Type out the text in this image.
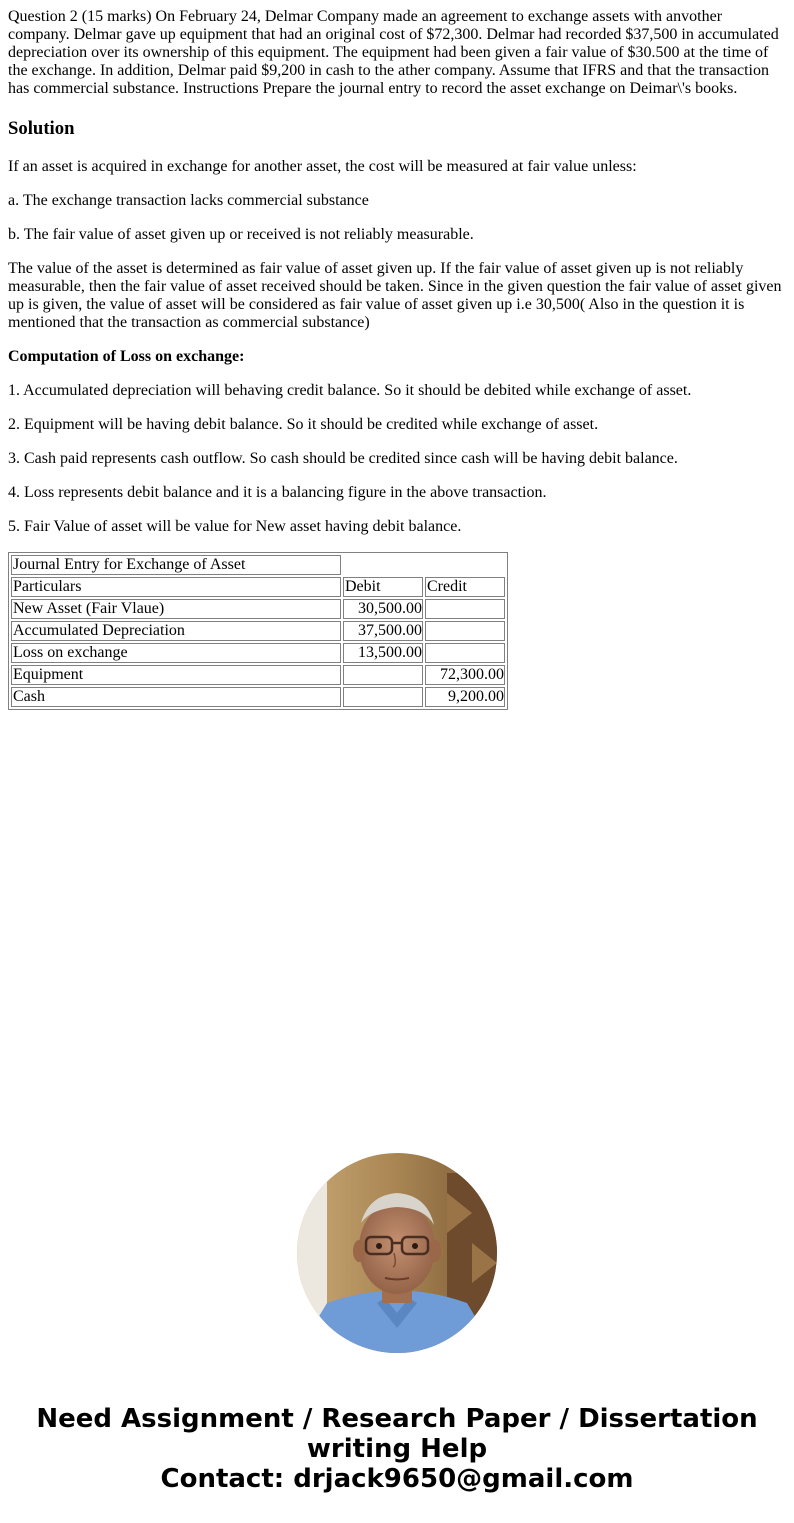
Question 2 (15 marks) On February 24, Delmar Company made an agreement to exchange assets with anvother company. Delmar gave up equipment that had an original cost of $72,300. Delmar had recorded $37,500 in accumulated depreciation over its ownership of this equipment. The equipment had been given a fair value of $30.500 at the time of the exchange. In addition, Delmar paid $9,200 in cash to the ather company. Assume that IFRS and that the transaction has commercial substance. Instructions Prepare the journal entry to record the asset exchange on Deimar\'s books.

Solution

If an asset is acquired in exchange for another asset, the cost will be measured at fair value unless:

a. The exchange transaction lacks commercial substance

b. The fair value of asset given up or received is not reliably measurable.

The value of the asset is determined as fair value of asset given up. If the fair value of asset given up is not reliably measurable, then the fair value of asset received should be taken. Since in the given question the fair value of asset given up is given, the value of asset will be considered as fair value of asset given up i.e 30,500( Also in the question it is mentioned that the transaction as commercial substance)

Computation of Loss on exchange:

1. Accumulated depreciation will behaving credit balance. So it should be debited while exchange of asset.

2. Equipment will be having debit balance. So it should be credited while exchange of asset.

3. Cash paid represents cash outflow. So cash should be credited since cash will be having debit balance.

4. Loss represents debit balance and it is a balancing figure in the above transaction.

5. Fair Value of asset will be value for New asset having debit balance.

Journal Entry for Exchange of Asset		
Particulars	Debit	Credit
New Asset (Fair Vlaue)	30,500.00	
Accumulated Depreciation	37,500.00	
Loss on exchange	13,500.00	
Equipment		72,300.00
Cash		9,200.00
Need Assignment / Research Paper / Dissertation
writing Help
Contact: drjack9650@gmail.com
